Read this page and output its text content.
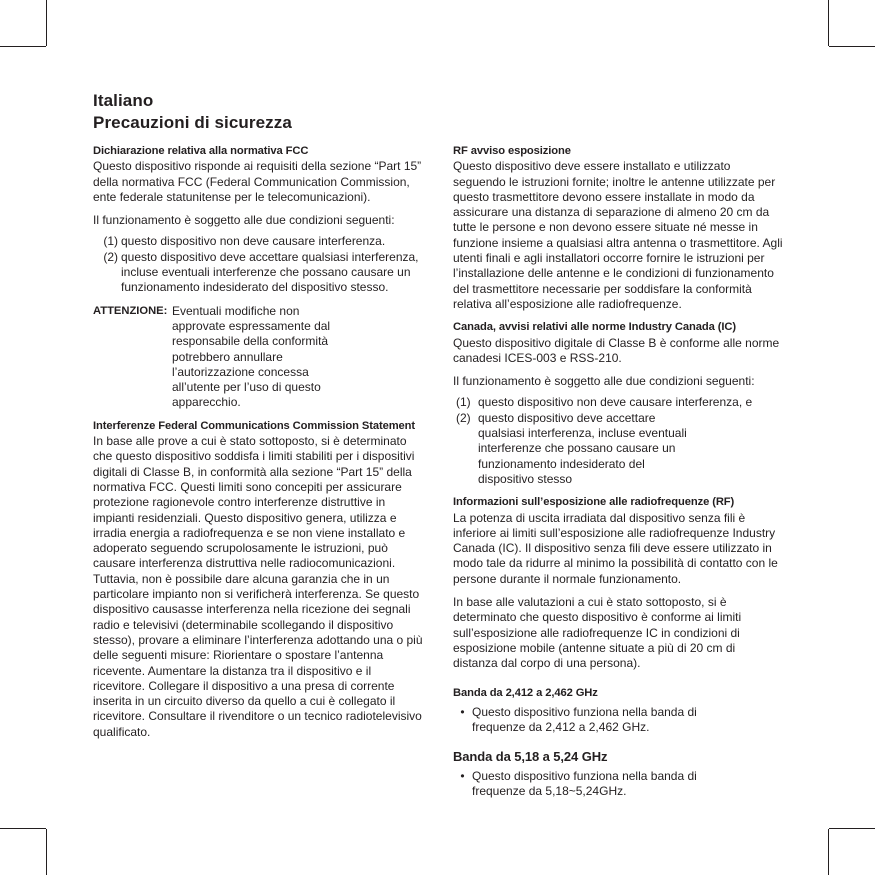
Italiano
Precauzioni di sicurezza

Dichiarazione relativa alla normativa FCC

Questo dispositivo risponde ai requisiti della sezione “Part 15” della normativa FCC (Federal Communication Commission, ente federale statunitense per le telecomunicazioni).

Il funzionamento è soggetto alle due condizioni seguenti:

(1) questo dispositivo non deve causare interferenza.
(2) questo dispositivo deve accettare qualsiasi interferenza, incluse eventuali interferenze che possano causare un funzionamento indesiderato del dispositivo stesso.
ATTENZIONE: Eventuali modifiche non approvate espressamente dal responsabile della conformità potrebbero annullare l’autorizzazione concessa all’utente per l’uso di questo apparecchio.

Interferenze Federal Communications Commission Statement

In base alle prove a cui è stato sottoposto, si è determinato che questo dispositivo soddisfa i limiti stabiliti per i dispositivi digitali di Classe B, in conformità alla sezione “Part 15” della normativa FCC. Questi limiti sono concepiti per assicurare protezione ragionevole contro interferenze distruttive in impianti residenziali. Questo dispositivo genera, utilizza e irradia energia a radiofrequenza e se non viene installato e adoperato seguendo scrupolosamente le istruzioni, può causare interferenza distruttiva nelle radiocomunicazioni. Tuttavia, non è possibile dare alcuna garanzia che in un particolare impianto non si verificherà interferenza. Se questo dispositivo causasse interferenza nella ricezione dei segnali radio e televisivi (determinabile scollegando il dispositivo stesso), provare a eliminare l’interferenza adottando una o più delle seguenti misure: Riorientare o spostare l’antenna ricevente. Aumentare la distanza tra il dispositivo e il ricevitore. Collegare il dispositivo a una presa di corrente inserita in un circuito diverso da quello a cui è collegato il ricevitore. Consultare il rivenditore o un tecnico radiotelevisivo qualificato.

RF avviso esposizione

Questo dispositivo deve essere installato e utilizzato seguendo le istruzioni fornite; inoltre le antenne utilizzate per questo trasmettitore devono essere installate in modo da assicurare una distanza di separazione di almeno 20 cm da tutte le persone e non devono essere situate né messe in funzione insieme a qualsiasi altra antenna o trasmettitore. Agli utenti finali e agli installatori occorre fornire le istruzioni per l’installazione delle antenne e le condizioni di funzionamento del trasmettitore necessarie per soddisfare la conformità relativa all’esposizione alle radiofrequenze.

Canada, avvisi relativi alle norme Industry Canada (IC)

Questo dispositivo digitale di Classe B è conforme alle norme canadesi ICES-003 e RSS-210.

Il funzionamento è soggetto alle due condizioni seguenti:

(1) questo dispositivo non deve causare interferenza, e
(2) questo dispositivo deve accettare qualsiasi interferenza, incluse eventuali interferenze che possano causare un funzionamento indesiderato del dispositivo stesso

Informazioni sull’esposizione alle radiofrequenze (RF)

La potenza di uscita irradiata dal dispositivo senza fili è inferiore ai limiti sull’esposizione alle radiofrequenze Industry Canada (IC). Il dispositivo senza fili deve essere utilizzato in modo tale da ridurre al minimo la possibilità di contatto con le persone durante il normale funzionamento.

In base alle valutazioni a cui è stato sottoposto, si è determinato che questo dispositivo è conforme ai limiti sull’esposizione alle radiofrequenze IC in condizioni di esposizione mobile (antenne situate a più di 20 cm di distanza dal corpo di una persona).

Banda da 2,412 a 2,462 GHz

• Questo dispositivo funziona nella banda di frequenze da 2,412 a 2,462 GHz.

Banda da 5,18 a 5,24 GHz

• Questo dispositivo funziona nella banda di frequenze da 5,18~5,24GHz.
